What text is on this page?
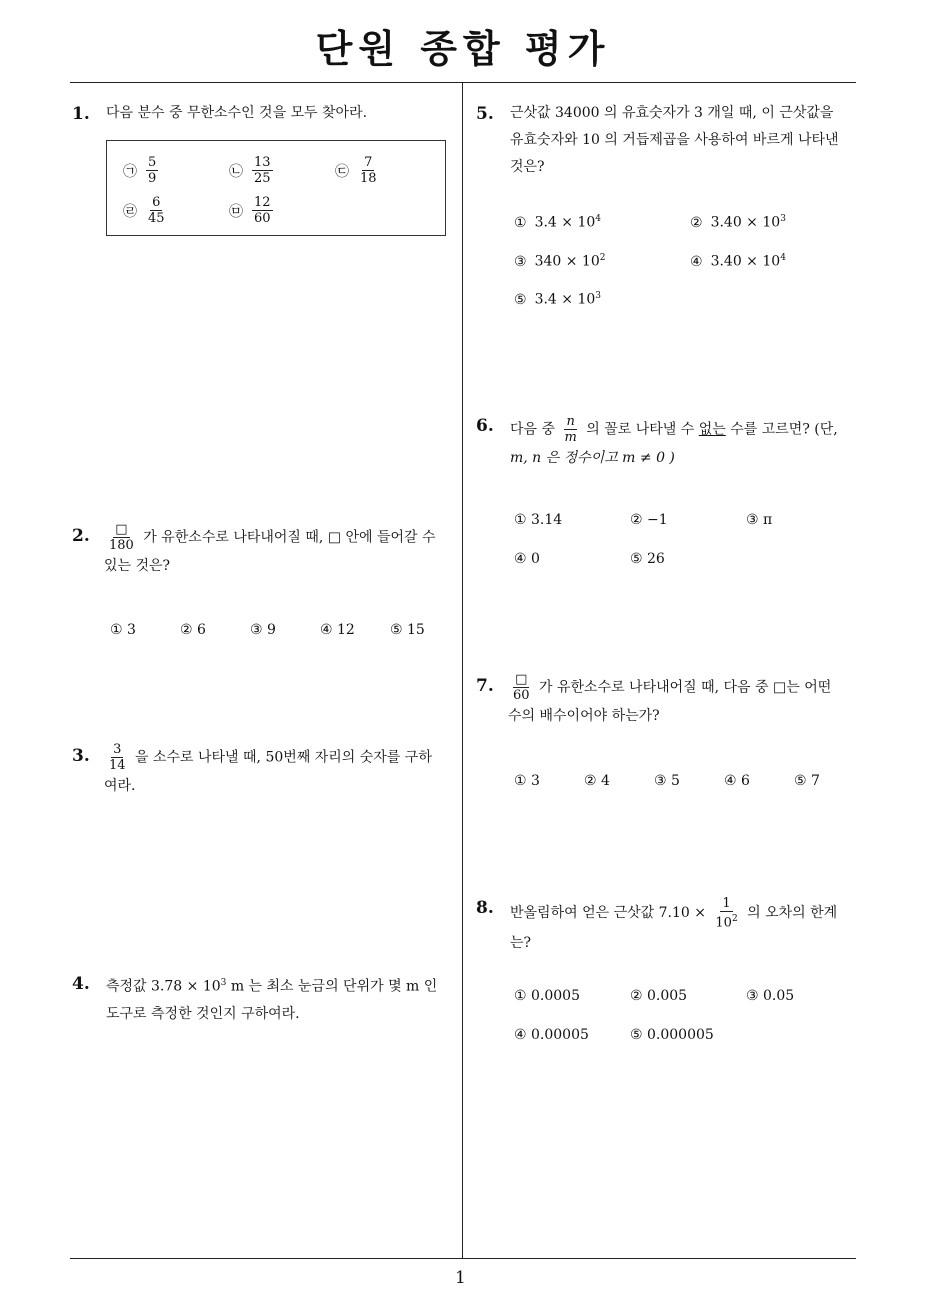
단원 종합 평가
1
1. 다음 분수 중 무한소수인 것을 모두 찾아라.
㉠ $\frac{5}{9}$	㉡ $\frac{13}{25}$	㉢ $\frac{7}{18}$
㉣ $\frac{6}{45}$	㉤ $\frac{12}{60}$
2. $\frac{□}{180}$ 가 유한소수로 나타내어질 때, □ 안에 들어갈 수
있는 것은?
① 3	② 6	③ 9	④ 12	⑤ 15
3. $\frac{3}{14}$ 을 소수로 나타낼 때, 50번째 자리의 숫자를 구하
여라.
4. 측정값 $3.78 \times 10^3$ m 는 최소 눈금의 단위가 몇 m 인
도구로 측정한 것인지 구하여라.
5. 근삿값 34000 의 유효숫자가 3 개일 때, 이 근삿값을
유효숫자와 10 의 거듭제곱을 사용하여 바르게 나타낸
것은?
① $3.4 \times 10^4$	② $3.40 \times 10^3$
③ $340 \times 10^2$	④ $3.40 \times 10^4$
⑤ $3.4 \times 10^3$
6. 다음 중 $\frac{n}{m}$ 의 꼴로 나타낼 수 없는 수를 고르면? (단,
m, n 은 정수이고 m ≠ 0 )
① 3.14	② −1	③ π
④ 0	⑤ 26
7. $\frac{□}{60}$ 가 유한소수로 나타내어질 때, 다음 중 □는 어떤
수의 배수이어야 하는가?
① 3	② 4	③ 5	④ 6	⑤ 7
8. 반올림하여 얻은 근삿값 $7.10 \times \frac{1}{10^2}$ 의 오차의 한계
는?
① 0.0005	② 0.005	③ 0.05
④ 0.00005	⑤ 0.000005
